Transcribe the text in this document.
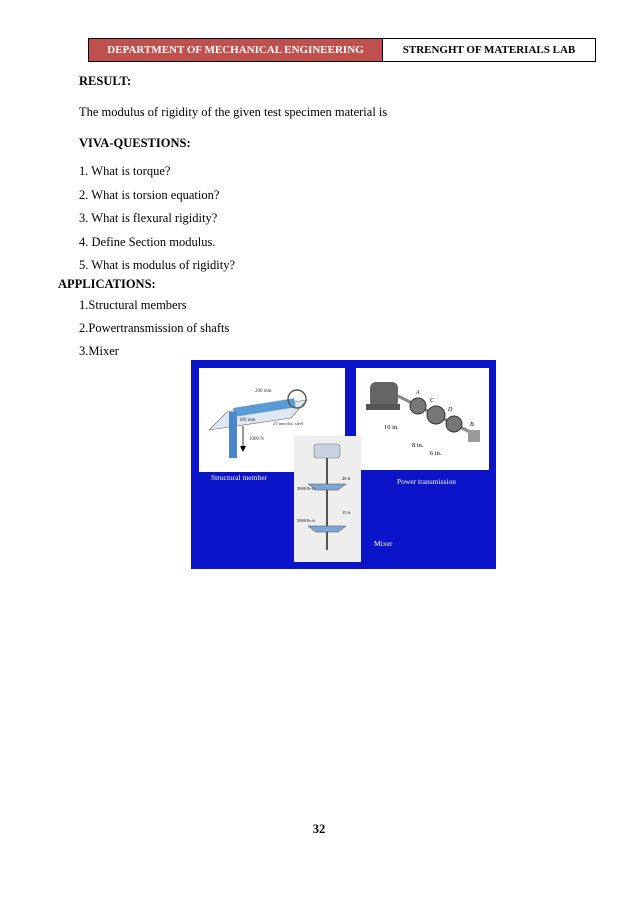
DEPARTMENT OF MECHANICAL ENGINEERING	STRENGHT OF MATERIALS LAB
RESULT:
The modulus of rigidity of the given test specimen material is
VIVA-QUESTIONS:
1. What is torque?
2. What is torsion equation?
3. What is flexural rigidity?
4. Define Section modulus.
5. What is modulus of rigidity?
APPLICATIONS:
1.Structural members
2.Powertransmission of shafts
3.Mixer
200 mm
100 mm
25 mm-dia. steel
1000 N
A
C
D
B
10 in.
8 in.
6 in.
20 ft
3000 lb·ft
15 ft
5000 lb·ft
Structural member	Power transmission
Mixer
32
